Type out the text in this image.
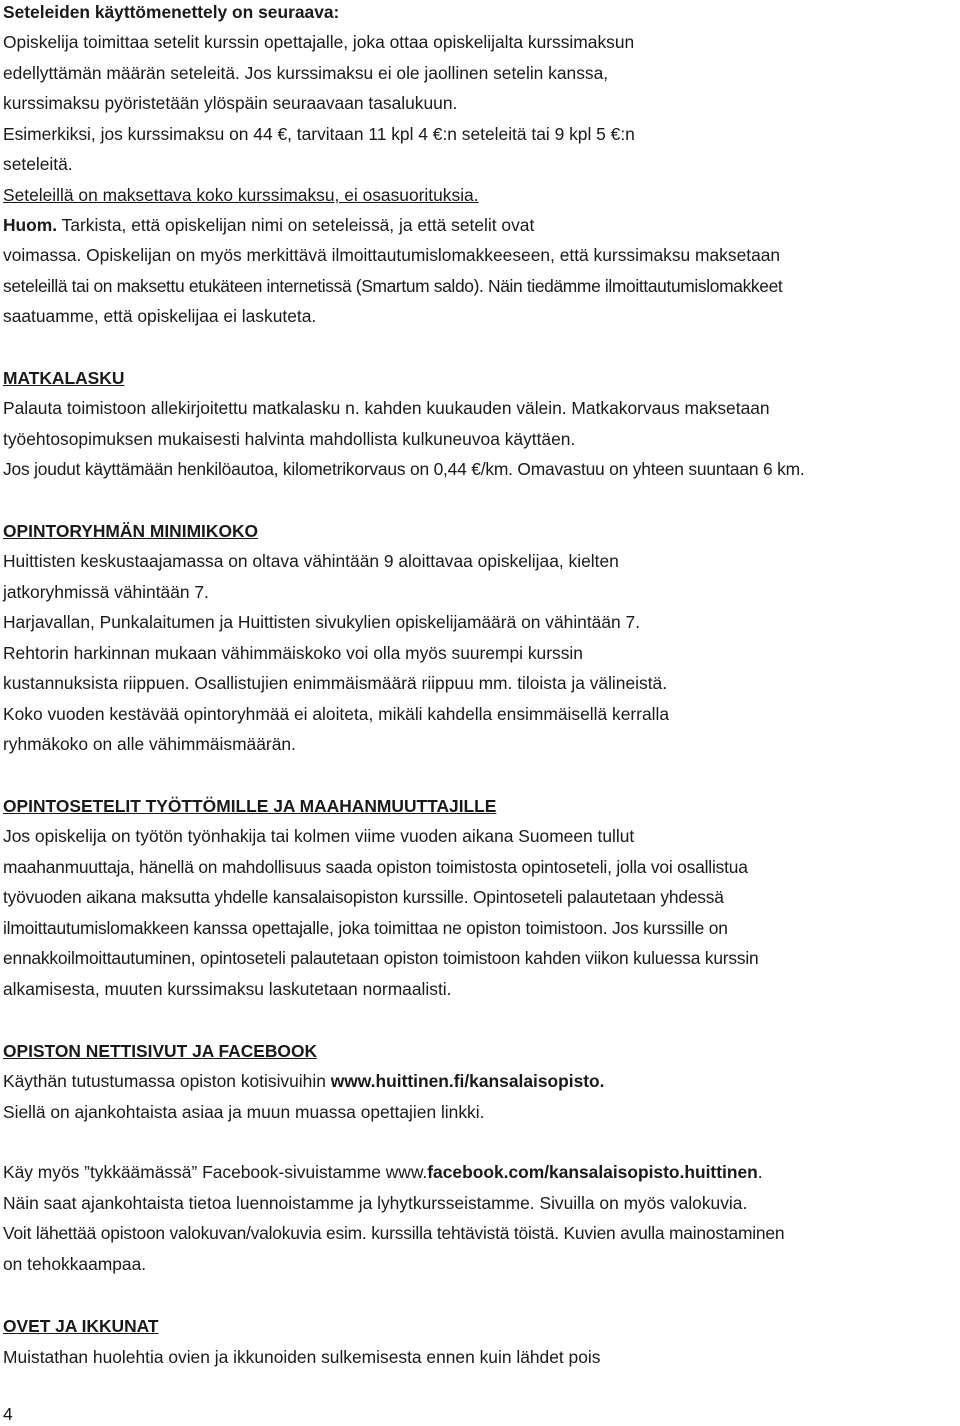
Seteleiden käyttömenettely on seuraava:
Opiskelija toimittaa setelit kurssin opettajalle, joka ottaa opiskelijalta kurssimaksun
edellyttämän määrän seteleitä. Jos kurssimaksu ei ole jaollinen setelin kanssa,
kurssimaksu pyöristetään ylöspäin seuraavaan tasalukuun.
Esimerkiksi, jos kurssimaksu on 44 €, tarvitaan 11 kpl 4 €:n seteleitä tai 9 kpl 5 €:n
seteleitä.
Seteleillä on maksettava koko kurssimaksu, ei osasuorituksia.
Huom. Tarkista, että opiskelijan nimi on seteleissä, ja että setelit ovat
voimassa. Opiskelijan on myös merkittävä ilmoittautumislomakkeeseen, että kurssimaksu maksetaan
seteleillä tai on maksettu etukäteen internetissä (Smartum saldo). Näin tiedämme ilmoittautumislomakkeet
saatuamme, että opiskelijaa ei laskuteta.
MATKALASKU
Palauta toimistoon allekirjoitettu matkalasku n. kahden kuukauden välein. Matkakorvaus maksetaan
työehtosopimuksen mukaisesti halvinta mahdollista kulkuneuvoa käyttäen.
Jos joudut käyttämään henkilöautoa, kilometrikorvaus on 0,44 €/km. Omavastuu on yhteen suuntaan 6 km.
OPINTORYHMÄN MINIMIKOKO
Huittisten keskustaajamassa on oltava vähintään 9 aloittavaa opiskelijaa, kielten
jatkoryhmissä vähintään 7.
Harjavallan, Punkalaitumen ja Huittisten sivukylien opiskelijamäärä on vähintään 7.
Rehtorin harkinnan mukaan vähimmäiskoko voi olla myös suurempi kurssin
kustannuksista riippuen. Osallistujien enimmäismäärä riippuu mm. tiloista ja välineistä.
Koko vuoden kestävää opintoryhmää ei aloiteta, mikäli kahdella ensimmäisellä kerralla
ryhmäkoko on alle vähimmäismäärän.
OPINTOSETELIT TYÖTTÖMILLE JA MAAHANMUUTTAJILLE
Jos opiskelija on työtön työnhakija tai kolmen viime vuoden aikana Suomeen tullut
maahanmuuttaja, hänellä on mahdollisuus saada opiston toimistosta opintoseteli, jolla voi osallistua
työvuoden aikana maksutta yhdelle kansalaisopiston kurssille. Opintoseteli palautetaan yhdessä
ilmoittautumislomakkeen kanssa opettajalle, joka toimittaa ne opiston toimistoon. Jos kurssille on
ennakkoilmoittautuminen, opintoseteli palautetaan opiston toimistoon kahden viikon kuluessa kurssin
alkamisesta, muuten kurssimaksu laskutetaan normaalisti.
OPISTON NETTISIVUT JA FACEBOOK
Käythän tutustumassa opiston kotisivuihin www.huittinen.fi/kansalaisopisto.
Siellä on ajankohtaista asiaa ja muun muassa opettajien linkki.
Käy myös ”tykkäämässä” Facebook-sivuistamme www.facebook.com/kansalaisopisto.huittinen.
Näin saat ajankohtaista tietoa luennoistamme ja lyhytkursseistamme. Sivuilla on myös valokuvia.
Voit lähettää opistoon valokuvan/valokuvia esim. kurssilla tehtävistä töistä. Kuvien avulla mainostaminen
on tehokkaampaa.
OVET JA IKKUNAT
Muistathan huolehtia ovien ja ikkunoiden sulkemisesta ennen kuin lähdet pois
4
